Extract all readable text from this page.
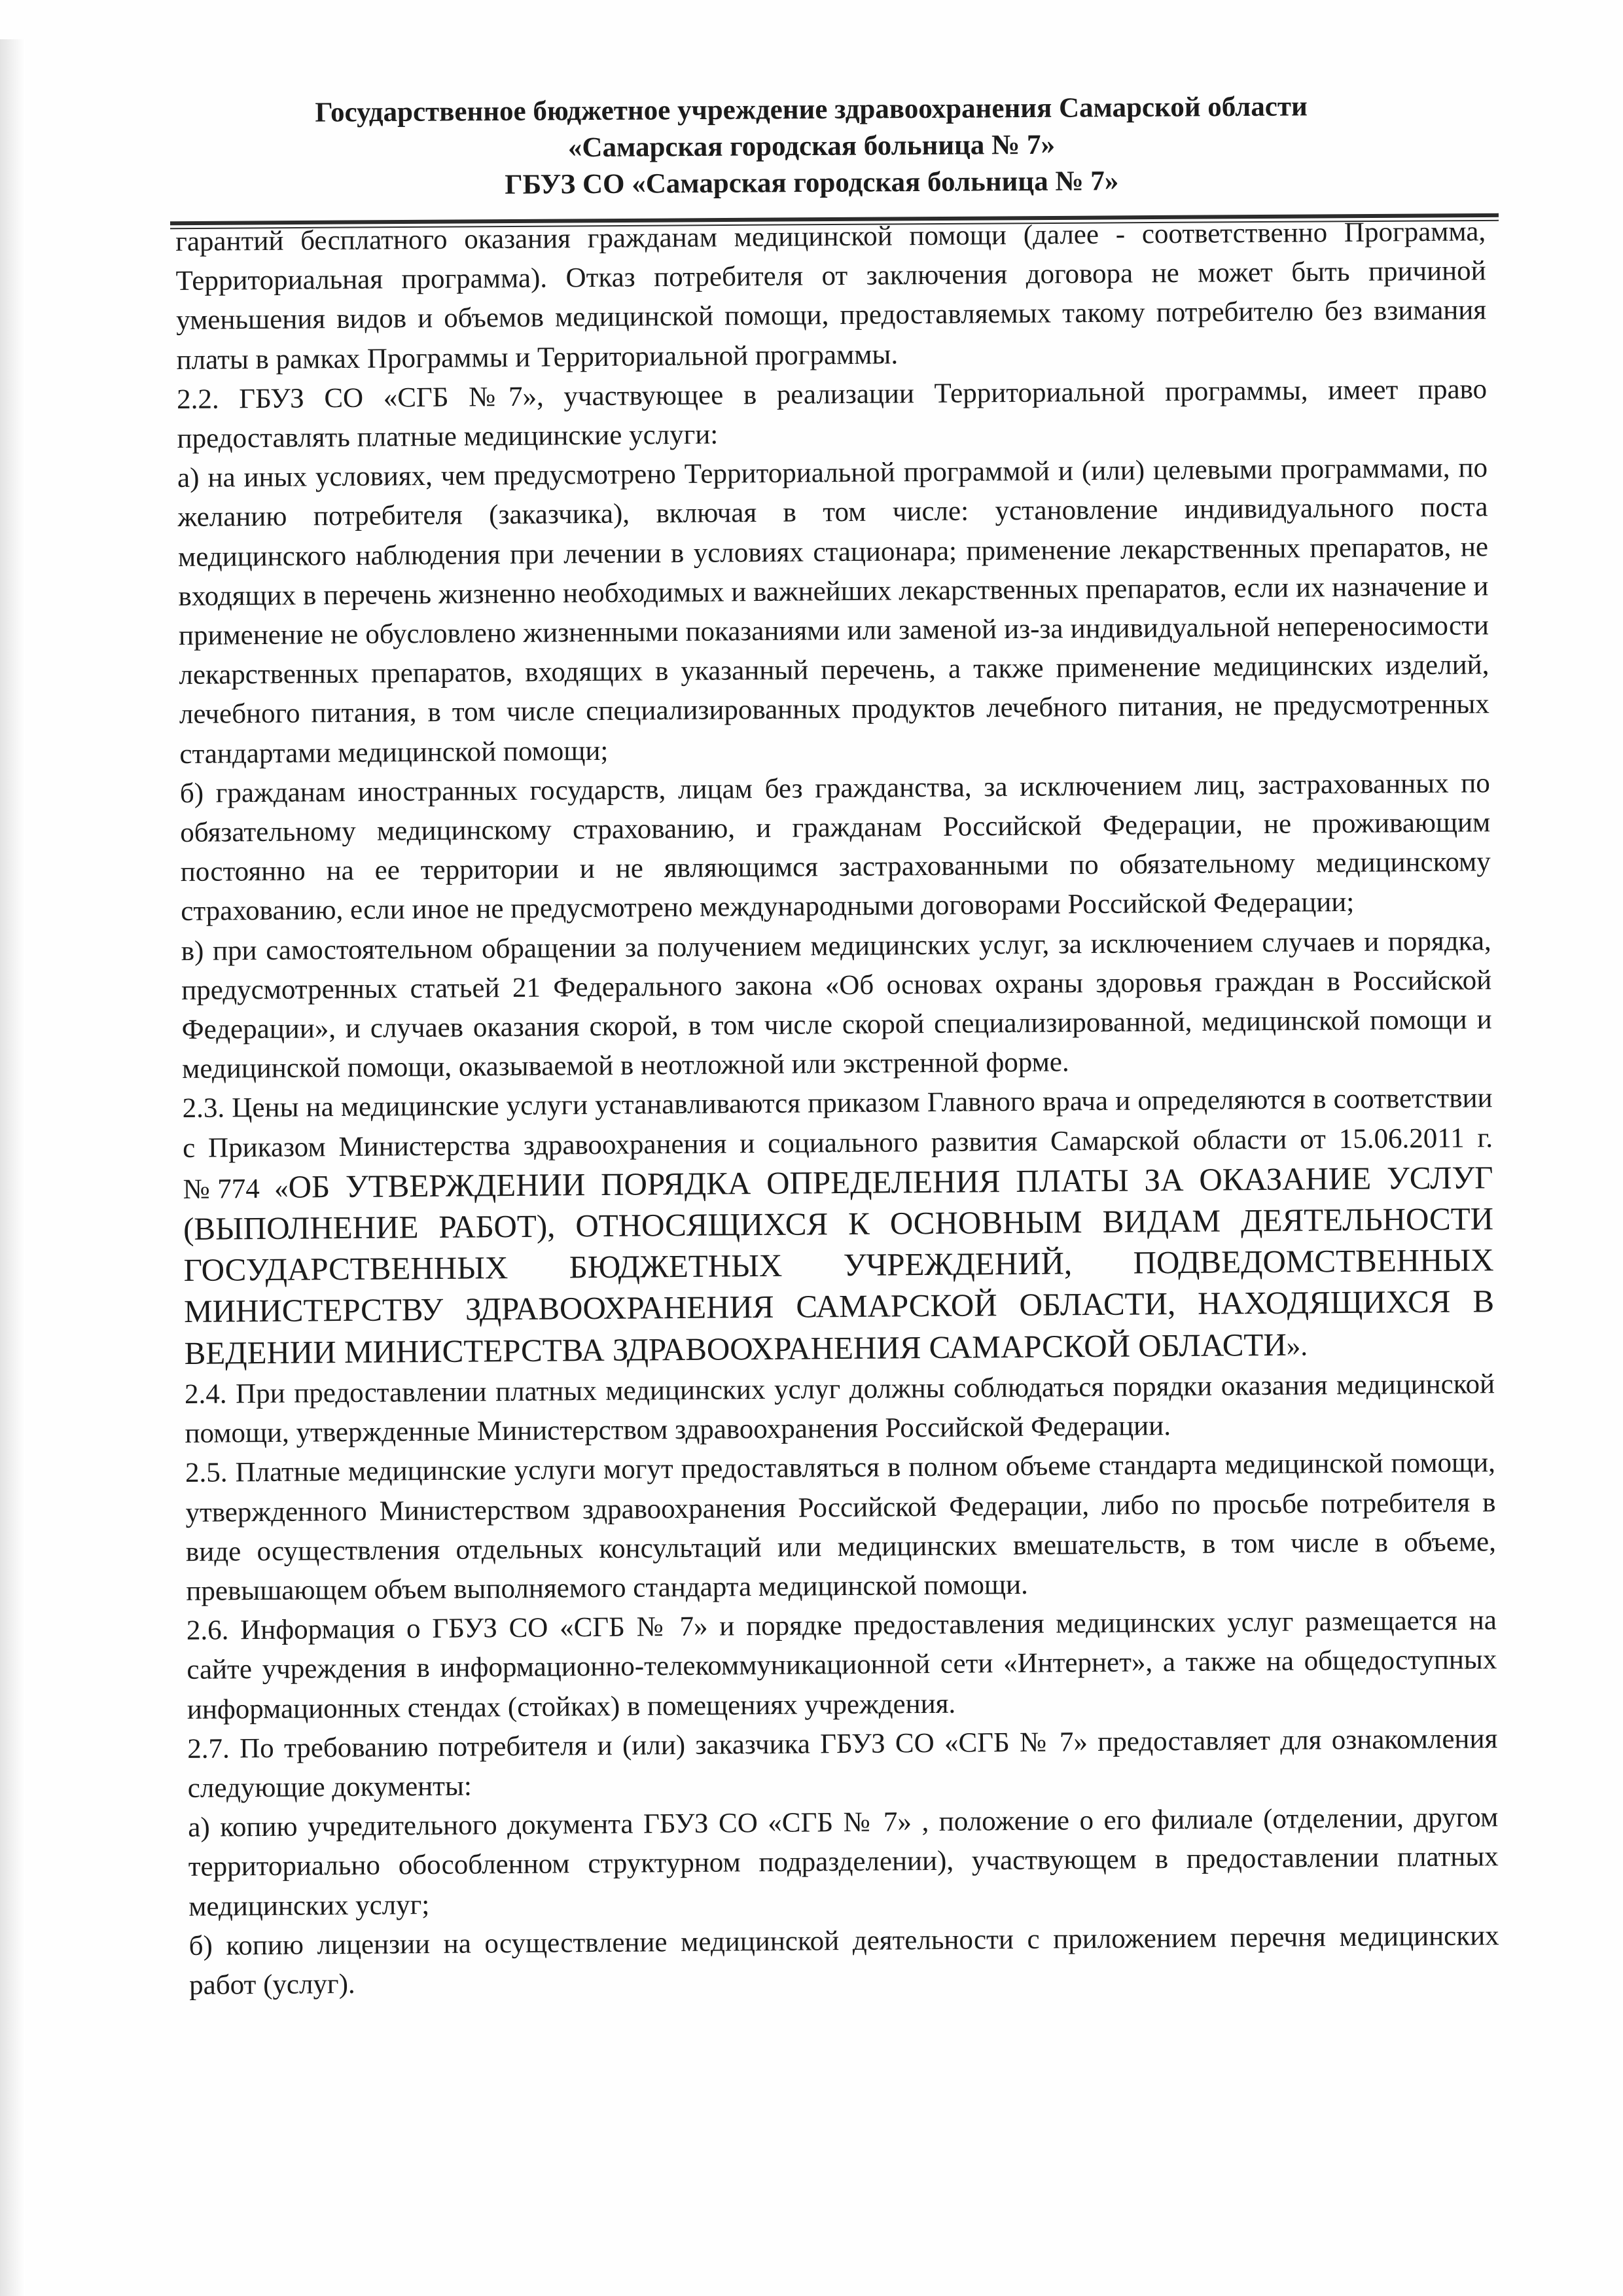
Государственное бюджетное учреждение здравоохранения Самарской области
«Самарская городская больница № 7»
ГБУЗ СО «Самарская городская больница № 7»

гарантий бесплатного оказания гражданам медицинской помощи (далее - соответственно Программа, Территориальная программа). Отказ потребителя от заключения договора не может быть причиной уменьшения видов и объемов медицинской помощи, предоставляемых такому потребителю без взимания платы в рамках Программы и Территориальной программы.

2.2. ГБУЗ СО «СГБ №7», участвующее в реализации Территориальной программы, имеет право предоставлять платные медицинские услуги:

а) на иных условиях, чем предусмотрено Территориальной программой и (или) целевыми программами, по желанию потребителя (заказчика), включая в том числе: установление индивидуального поста медицинского наблюдения при лечении в условиях стационара; применение лекарственных препаратов, не входящих в перечень жизненно необходимых и важнейших лекарственных препаратов, если их назначение и применение не обусловлено жизненными показаниями или заменой из-за индивидуальной непереносимости лекарственных препаратов, входящих в указанный перечень, а также применение медицинских изделий, лечебного питания, в том числе специализированных продуктов лечебного питания, не предусмотренных стандартами медицинской помощи;

б) гражданам иностранных государств, лицам без гражданства, за исключением лиц, застрахованных по обязательному медицинскому страхованию, и гражданам Российской Федерации, не проживающим постоянно на ее территории и не являющимся застрахованными по обязательному медицинскому страхованию, если иное не предусмотрено международными договорами Российской Федерации;

в) при самостоятельном обращении за получением медицинских услуг, за исключением случаев и порядка, предусмотренных статьей 21 Федерального закона «Об основах охраны здоровья граждан в Российской Федерации», и случаев оказания скорой, в том числе скорой специализированной, медицинской помощи и медицинской помощи, оказываемой в неотложной или экстренной форме.

2.3. Цены на медицинские услуги устанавливаются приказом Главного врача и определяются в соответствии с Приказом Министерства здравоохранения и социального развития Самарской области от 15.06.2011 г. №774 «ОБ УТВЕРЖДЕНИИ ПОРЯДКА ОПРЕДЕЛЕНИЯ ПЛАТЫ ЗА ОКАЗАНИЕ УСЛУГ (ВЫПОЛНЕНИЕ РАБОТ), ОТНОСЯЩИХСЯ К ОСНОВНЫМ ВИДАМ ДЕЯТЕЛЬНОСТИ ГОСУДАРСТВЕННЫХ БЮДЖЕТНЫХ УЧРЕЖДЕНИЙ, ПОДВЕДОМСТВЕННЫХ МИНИСТЕРСТВУ ЗДРАВООХРАНЕНИЯ САМАРСКОЙ ОБЛАСТИ, НАХОДЯЩИХСЯ В ВЕДЕНИИ МИНИСТЕРСТВА ЗДРАВООХРАНЕНИЯ САМАРСКОЙ ОБЛАСТИ».

2.4. При предоставлении платных медицинских услуг должны соблюдаться порядки оказания медицинской помощи, утвержденные Министерством здравоохранения Российской Федерации.

2.5. Платные медицинские услуги могут предоставляться в полном объеме стандарта медицинской помощи, утвержденного Министерством здравоохранения Российской Федерации, либо по просьбе потребителя в виде осуществления отдельных консультаций или медицинских вмешательств, в том числе в объеме, превышающем объем выполняемого стандарта медицинской помощи.

2.6. Информация о ГБУЗ СО «СГБ № 7» и порядке предоставления медицинских услуг размещается на сайте учреждения в информационно-телекоммуникационной сети «Интернет», а также на общедоступных информационных стендах (стойках) в помещениях учреждения.

2.7. По требованию потребителя и (или) заказчика ГБУЗ СО «СГБ № 7» предоставляет для ознакомления следующие документы:

а) копию учредительного документа ГБУЗ СО «СГБ № 7» , положение о его филиале (отделении, другом территориально обособленном структурном подразделении), участвующем в предоставлении платных медицинских услуг;

б) копию лицензии на осуществление медицинской деятельности с приложением перечня медицинских работ (услуг).
